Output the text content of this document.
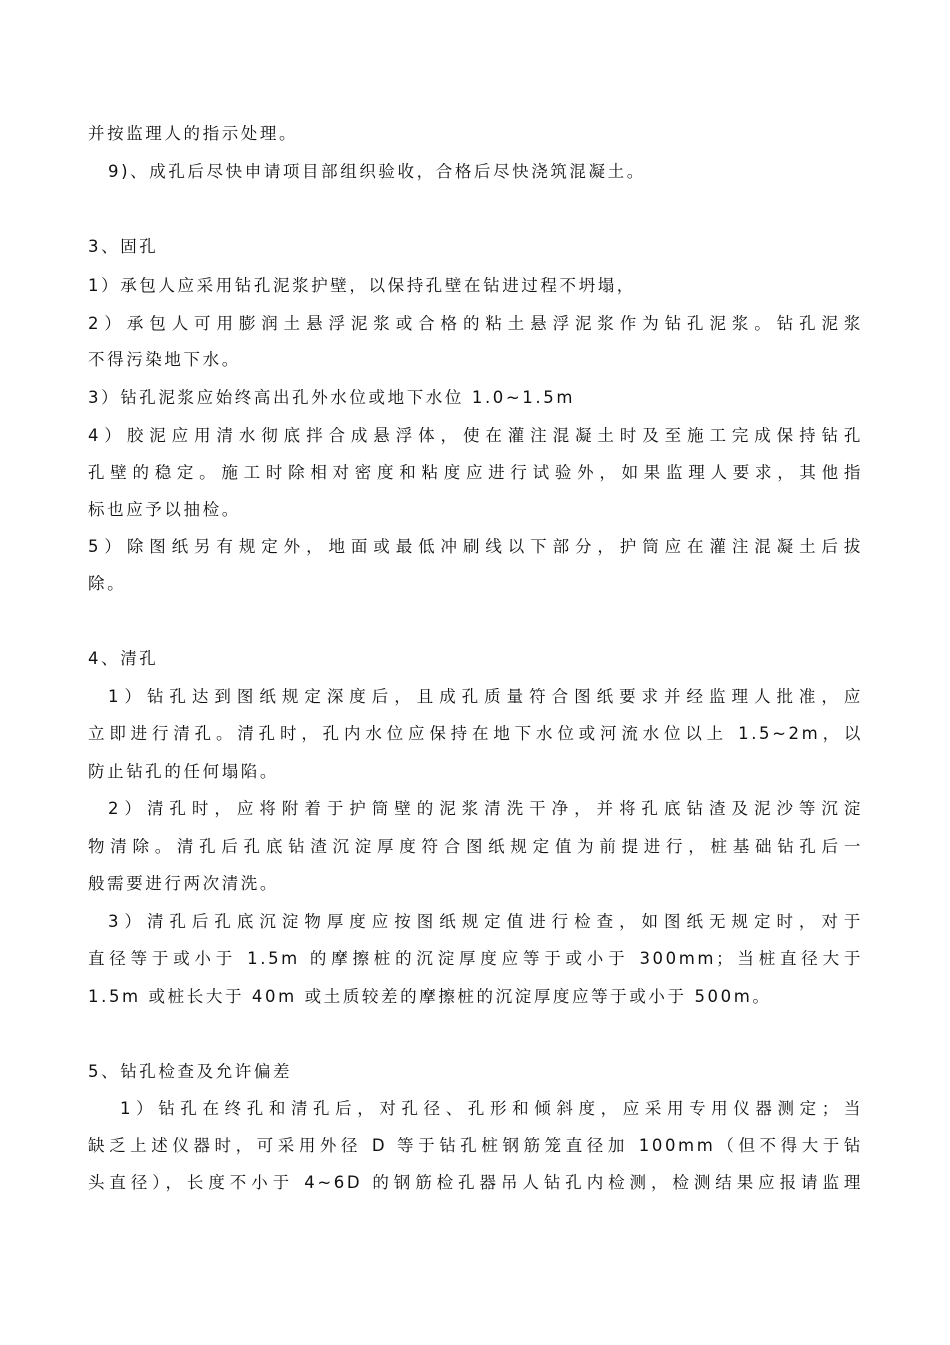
并按监理人的指示处理。
9)、成孔后尽快申请项目部组织验收，合格后尽快浇筑混凝土。
3、固孔
1）承包人应采用钻孔泥浆护壁，以保持孔壁在钻进过程不坍塌，
2）承包人可用膨润土悬浮泥浆或合格的粘土悬浮泥浆作为钻孔泥浆。钻孔泥浆
不得污染地下水。
3）钻孔泥浆应始终高出孔外水位或地下水位 1.0~1.5m
4）胶泥应用清水彻底拌合成悬浮体，使在灌注混凝土时及至施工完成保持钻孔
孔壁的稳定。施工时除相对密度和粘度应进行试验外，如果监理人要求，其他指
标也应予以抽检。
5）除图纸另有规定外，地面或最低冲刷线以下部分，护筒应在灌注混凝土后拔
除。
4、清孔
1）钻孔达到图纸规定深度后，且成孔质量符合图纸要求并经监理人批准，应
立即进行清孔。清孔时，孔内水位应保持在地下水位或河流水位以上 1.5~2m，以
防止钻孔的任何塌陷。
2）清孔时，应将附着于护筒壁的泥浆清洗干净，并将孔底钻渣及泥沙等沉淀
物清除。清孔后孔底钻渣沉淀厚度符合图纸规定值为前提进行，桩基础钻孔后一
般需要进行两次清洗。
3）清孔后孔底沉淀物厚度应按图纸规定值进行检查，如图纸无规定时，对于
直径等于或小于 1.5m 的摩擦桩的沉淀厚度应等于或小于 300mm；当桩直径大于
1.5m 或桩长大于 40m 或土质较差的摩擦桩的沉淀厚度应等于或小于 500m。
5、钻孔检查及允许偏差
1）钻孔在终孔和清孔后，对孔径、孔形和倾斜度，应采用专用仪器测定；当
缺乏上述仪器时，可采用外径 D 等于钻孔桩钢筋笼直径加 100mm（但不得大于钻
头直径），长度不小于 4~6D 的钢筋检孔器吊人钻孔内检测，检测结果应报请监理
